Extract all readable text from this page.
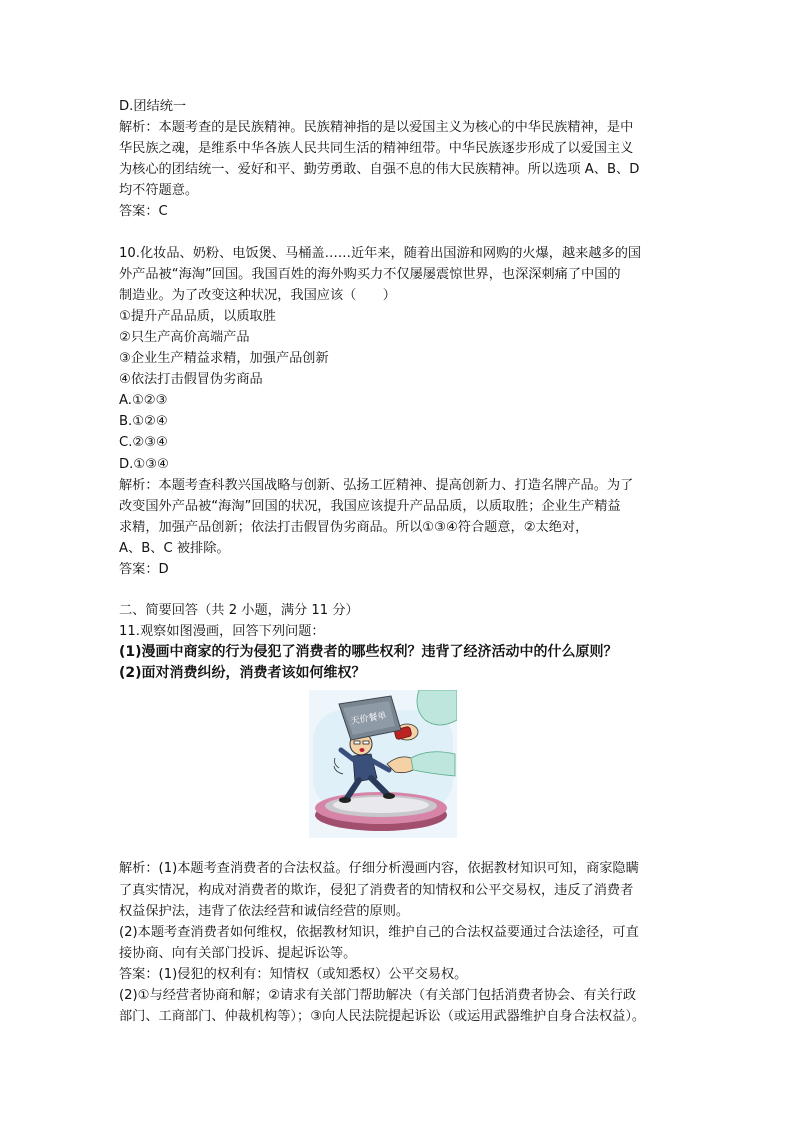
D.团结统一
解析：本题考查的是民族精神。民族精神指的是以爱国主义为核心的中华民族精神，是中
华民族之魂，是维系中华各族人民共同生活的精神纽带。中华民族逐步形成了以爱国主义
为核心的团结统一、爱好和平、勤劳勇敢、自强不息的伟大民族精神。所以选项 A、B、D
均不符题意。
答案：C
10.化妆品、奶粉、电饭煲、马桶盖……近年来，随着出国游和网购的火爆，越来越多的国
外产品被“海淘”回国。我国百姓的海外购买力不仅屡屡震惊世界，也深深刺痛了中国的
制造业。为了改变这种状况，我国应该（　　）
①提升产品品质，以质取胜
②只生产高价高端产品
③企业生产精益求精，加强产品创新
④依法打击假冒伪劣商品
A.①②③
B.①②④
C.②③④
D.①③④
解析：本题考查科教兴国战略与创新、弘扬工匠精神、提高创新力、打造名牌产品。为了
改变国外产品被“海淘”回国的状况，我国应该提升产品品质，以质取胜；企业生产精益
求精，加强产品创新；依法打击假冒伪劣商品。所以①③④符合题意，②太绝对，
A、B、C 被排除。
答案：D
二、简要回答（共 2 小题，满分 11 分）
11.观察如图漫画，回答下列问题：
(1)漫画中商家的行为侵犯了消费者的哪些权利？违背了经济活动中的什么原则？
(2)面对消费纠纷，消费者该如何维权？
天价餐单
解析：(1)本题考查消费者的合法权益。仔细分析漫画内容，依据教材知识可知，商家隐瞒
了真实情况，构成对消费者的欺诈，侵犯了消费者的知情权和公平交易权，违反了消费者
权益保护法，违背了依法经营和诚信经营的原则。
(2)本题考查消费者如何维权，依据教材知识，维护自己的合法权益要通过合法途径，可直
接协商、向有关部门投诉、提起诉讼等。
答案：(1)侵犯的权利有：知情权（或知悉权）公平交易权。
(2)①与经营者协商和解；②请求有关部门帮助解决（有关部门包括消费者协会、有关行政
部门、工商部门、仲裁机构等）；③向人民法院提起诉讼（或运用武器维护自身合法权益）。
